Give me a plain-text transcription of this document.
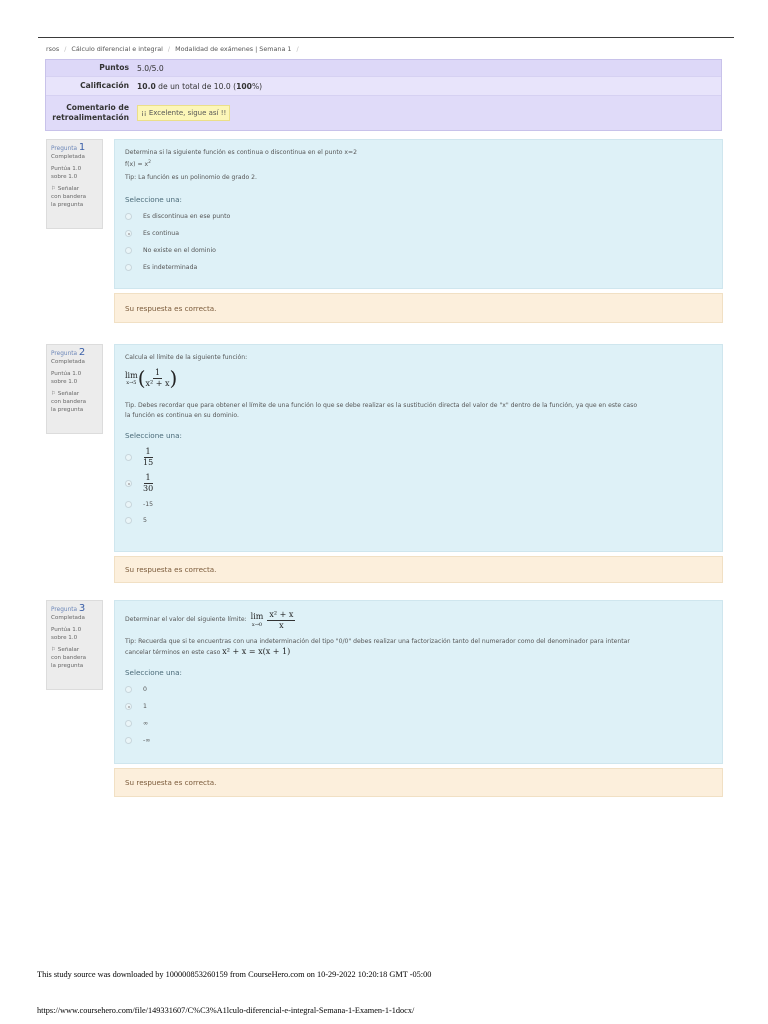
rsos / Cálculo diferencial e integral / Modalidad de exámenes | Semana 1 /
Puntos	5.0/5.0
Calificación	10.0 de un total de 10.0 (100%)
Comentario de
retroalimentación	¡¡ Excelente, sigue así !!
Pregunta 1
Completada
Puntúa 1.0
sobre 1.0
⚐ Señalar
con bandera
la pregunta
Determina si la siguiente función es continua o discontinua en el punto x=2
$f(x) = x^2$
Tip: La función es un polinomio de grado 2.
Seleccione una:
Es discontinua en ese punto
Es continua
No existe en el dominio
Es indeterminada
Su respuesta es correcta.
Pregunta 2
Completada
Puntúa 1.0
sobre 1.0
⚐ Señalar
con bandera
la pregunta
Calcula el límite de la siguiente función:
lim
x→5 ( $\frac{1}{\text{x² + x}}$ )
Tip. Debes recordar que para obtener el límite de una función lo que se debe realizar es la sustitución directa del valor de "x" dentro de la función, ya que en este caso
la función es continua en su dominio.
Seleccione una:
$\frac{1}{15}$
$\frac{1}{30}$
-15
5
Su respuesta es correcta.
Pregunta 3
Completada
Puntúa 1.0
sobre 1.0
⚐ Señalar
con bandera
la pregunta
Determinar el valor del siguiente límite: lim
$x\to 0 \frac{\text{x² + x}}{x}$
Tip: Recuerda que si te encuentras con una indeterminación del tipo "0/0" debes realizar una factorización tanto del numerador como del denominador para intentar
cancelar términos en este caso x² + x = x(x + 1)
Seleccione una:
0
1
∞
-∞
Su respuesta es correcta.
This study source was downloaded by 100000853260159 from CourseHero.com on 10-29-2022 10:20:18 GMT -05:00
https://www.coursehero.com/file/149331607/C%C3%A1lculo-diferencial-e-integral-Semana-1-Examen-1-1docx/
